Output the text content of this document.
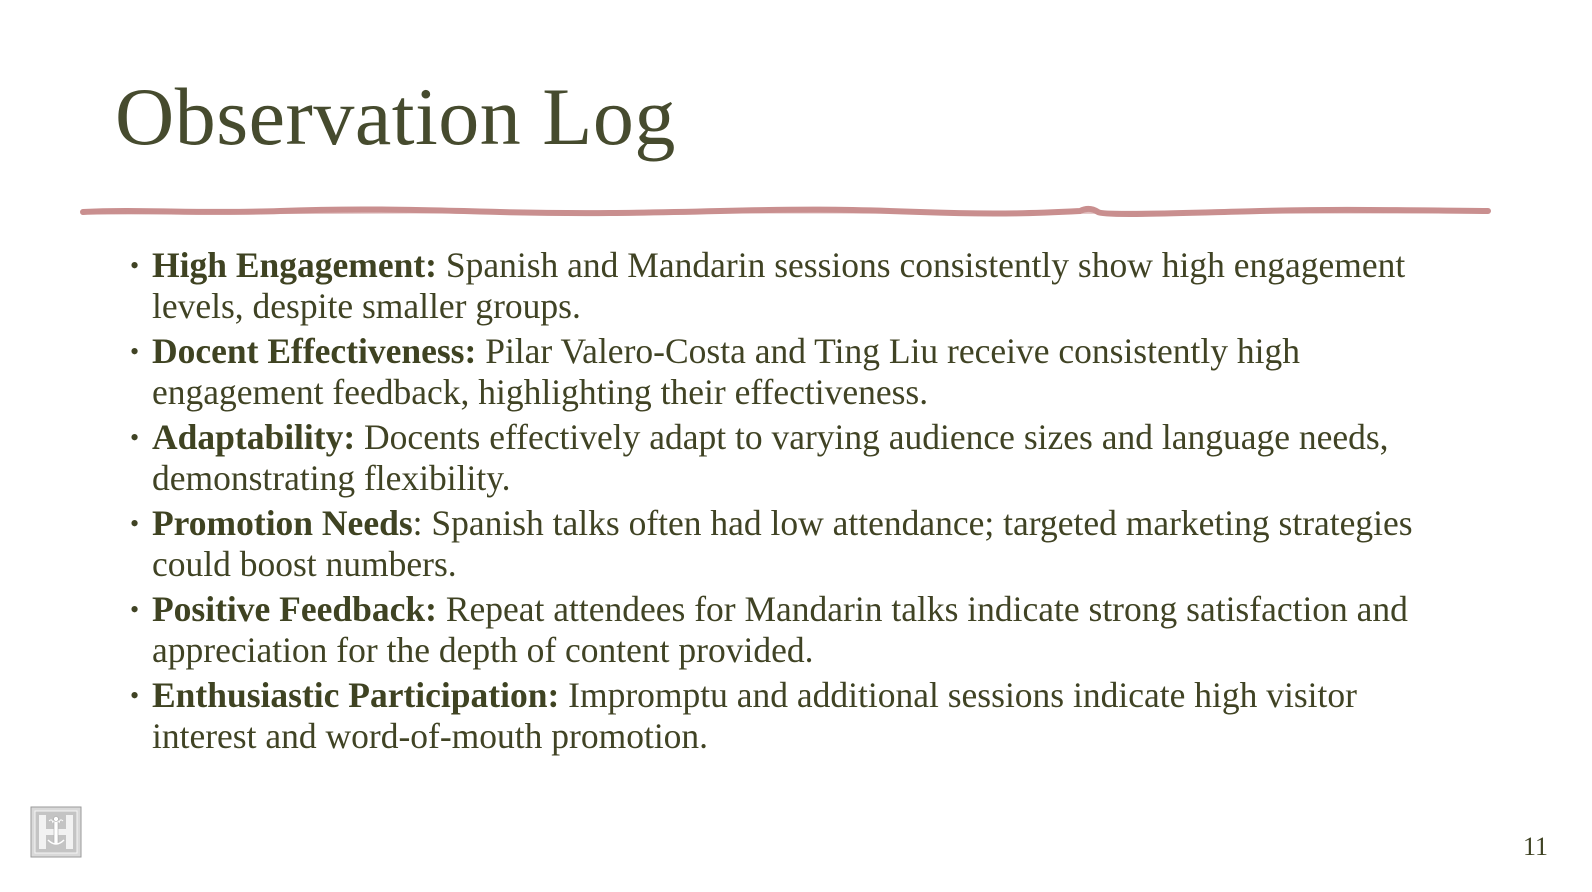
Observation Log
• High Engagement: Spanish and Mandarin sessions consistently show high engagement levels, despite smaller groups.
• Docent Effectiveness: Pilar Valero-Costa and Ting Liu receive consistently high engagement feedback, highlighting their effectiveness.
• Adaptability: Docents effectively adapt to varying audience sizes and language needs, demonstrating flexibility.
• Promotion Needs: Spanish talks often had low attendance; targeted marketing strategies could boost numbers.
• Positive Feedback: Repeat attendees for Mandarin talks indicate strong satisfaction and appreciation for the depth of content provided.
• Enthusiastic Participation: Impromptu and additional sessions indicate high visitor interest and word-of-mouth promotion.
11
